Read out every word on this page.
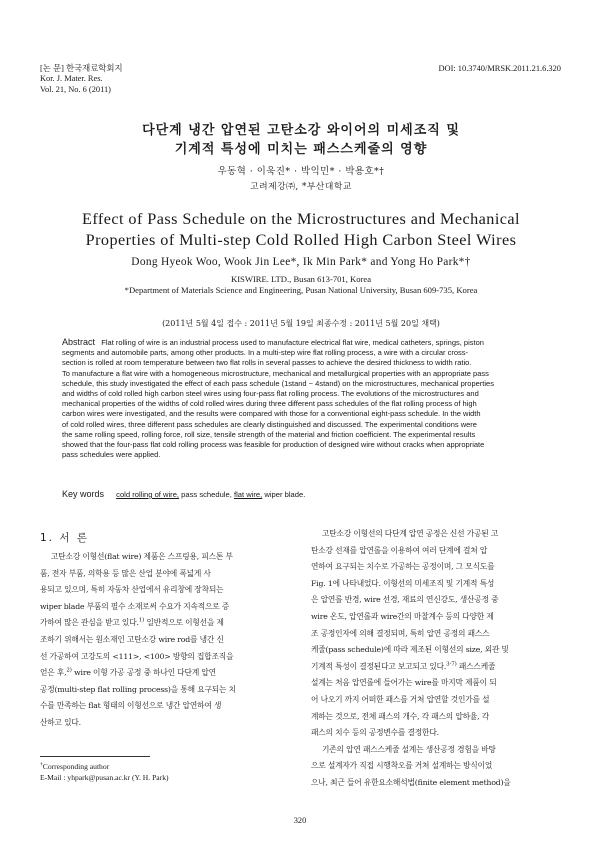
[논 문] 한국재료학회지
Kor. J. Mater. Res.
Vol. 21, No. 6 (2011)
DOI: 10.3740/MRSK.2011.21.6.320
다단계 냉간 압연된 고탄소강 와이어의 미세조직 및
기계적 특성에 미치는 패스스케줄의 영향
우동혁 · 이욱진* · 박익민* · 박용호*†
고려제강㈜, *부산대학교
Effect of Pass Schedule on the Microstructures and Mechanical
Properties of Multi-step Cold Rolled High Carbon Steel Wires
Dong Hyeok Woo, Wook Jin Lee*, Ik Min Park* and Yong Ho Park*†
KISWIRE. LTD., Busan 613-701, Korea
*Department of Materials Science and Engineering, Pusan National University, Busan 609-735, Korea
(2011년 5월 4일 접수 : 2011년 5월 19일 최종수정 : 2011년 5월 20일 채택)
Abstract Flat rolling of wire is an industrial process used to manufacture electrical flat wire, medical catheters, springs, piston
segments and automobile parts, among other products. In a multi-step wire flat rolling process, a wire with a circular cross-
section is rolled at room temperature between two flat rolls in several passes to achieve the desired thickness to width ratio.
To manufacture a flat wire with a homogeneous microstructure, mechanical and metallurgical properties with an appropriate pass
schedule, this study investigated the effect of each pass schedule (1stand ~ 4stand) on the microstructures, mechanical properties
and widths of cold rolled high carbon steel wires using four-pass flat rolling process. The evolutions of the microstructures and
mechanical properties of the widths of cold rolled wires during three different pass schedules of the flat rolling process of high
carbon wires were investigated, and the results were compared with those for a conventional eight-pass schedule. In the width
of cold rolled wires, three different pass schedules are clearly distinguished and discussed. The experimental conditions were
the same rolling speed, rolling force, roll size, tensile strength of the material and friction coefficient. The experimental results
showed that the four-pass flat cold rolling process was feasible for production of designed wire without cracks when appropriate
pass schedules were applied.
Key words cold rolling of wire, pass schedule, flat wire, wiper blade.
1. 서 론
고탄소강 이형선(flat wire) 제품은 스프링용, 피스톤 부
품, 전자 부품, 의학용 등 많은 산업 분야에 폭넓게 사
용되고 있으며, 특히 자동차 산업에서 유리창에 장착되는
wiper blade 부품의 필수 소재로써 수요가 지속적으로 증
가하여 많은 관심을 받고 있다.$^{1)}$ 일반적으로 이형선을 제
조하기 위해서는 원소재인 고탄소강 wire rod를 냉간 신
선 가공하여 고강도의 <111>, <100> 방향의 집합조직을
얻은 후,$^{2)}$ wire 이형 가공 공정 중 하나인 다단계 압연
공정(multi-step flat rolling process)을 통해 요구되는 치
수를 만족하는 flat 형태의 이형선으로 냉간 압연하여 생
산하고 있다.
†Corresponding author
E-Mail : yhpark@pusan.ac.kr (Y. H. Park)
고탄소강 이형선의 다단계 압연 공정은 신선 가공된 고
탄소강 선재를 압연롤을 이용하여 여러 단계에 걸쳐 압
연하여 요구되는 치수로 가공하는 공정이며, 그 모식도를
Fig. 1에 나타내었다. 이형선의 미세조직 및 기계적 특성
은 압연롤 반경, wire 선경, 재료의 연신강도, 생산공정 중
wire 온도, 압연롤과 wire간의 마찰계수 등의 다양한 제
조 공정인자에 의해 결정되며, 특히 압연 공정의 패스스
케줄(pass schedule)에 따라 제조된 이형선의 size, 외관 및
기계적 특성이 결정된다고 보고되고 있다.$^{3-7)}$ 패스스케줄
설계는 처음 압연롤에 들어가는 wire를 마지막 제품이 되
어 나오기 까지 어떠한 패스를 거쳐 압연할 것인가를 설
계하는 것으로, 전체 패스의 개수, 각 패스의 압하율, 각
패스의 치수 등의 공정변수를 결정한다.
기존의 압연 패스스케줄 설계는 생산공정 경험을 바탕
으로 설계자가 직접 시행착오를 거쳐 설계하는 방식이었
으나, 최근 들어 유한요소해석법(finite element method)을
320
